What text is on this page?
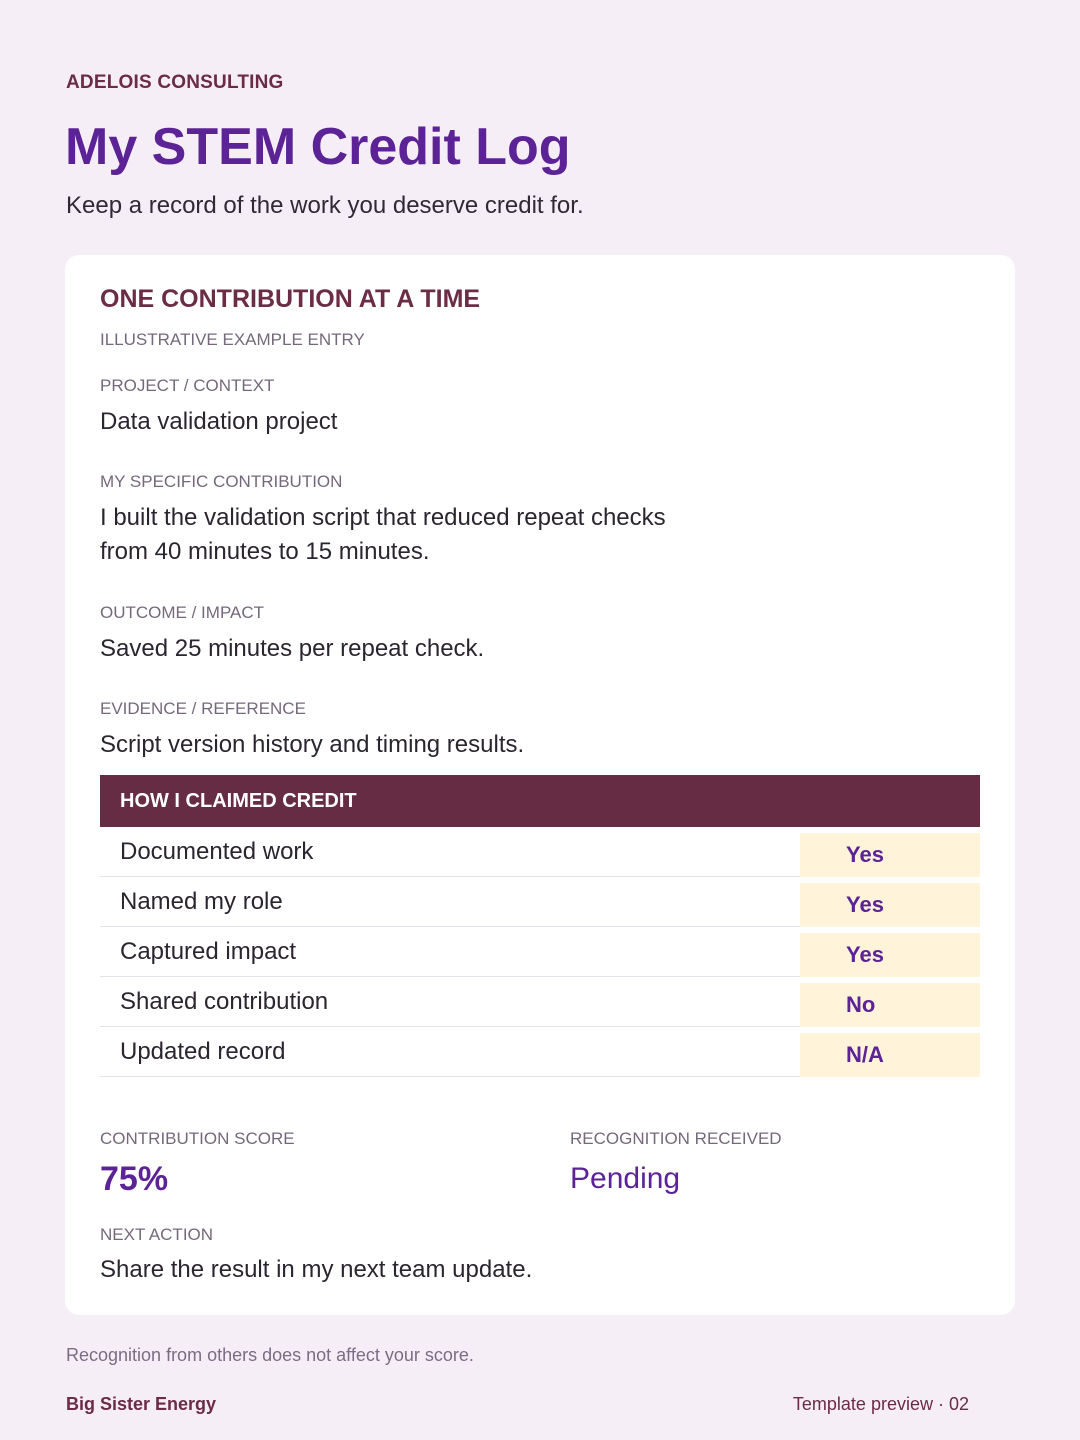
ADELOIS CONSULTING
My STEM Credit Log
Keep a record of the work you deserve credit for.
ONE CONTRIBUTION AT A TIME
ILLUSTRATIVE EXAMPLE ENTRY
PROJECT / CONTEXT
Data validation project
MY SPECIFIC CONTRIBUTION
I built the validation script that reduced repeat checks from 40 minutes to 15 minutes.
OUTCOME / IMPACT
Saved 25 minutes per repeat check.
EVIDENCE / REFERENCE
Script version history and timing results.
HOW I CLAIMED CREDIT
Documented work	Yes
Named my role	Yes
Captured impact	Yes
Shared contribution	No
Updated record	N/A
CONTRIBUTION SCORE
75%
RECOGNITION RECEIVED
Pending
NEXT ACTION
Share the result in my next team update.
Recognition from others does not affect your score.
Big Sister Energy	Template preview · 02
